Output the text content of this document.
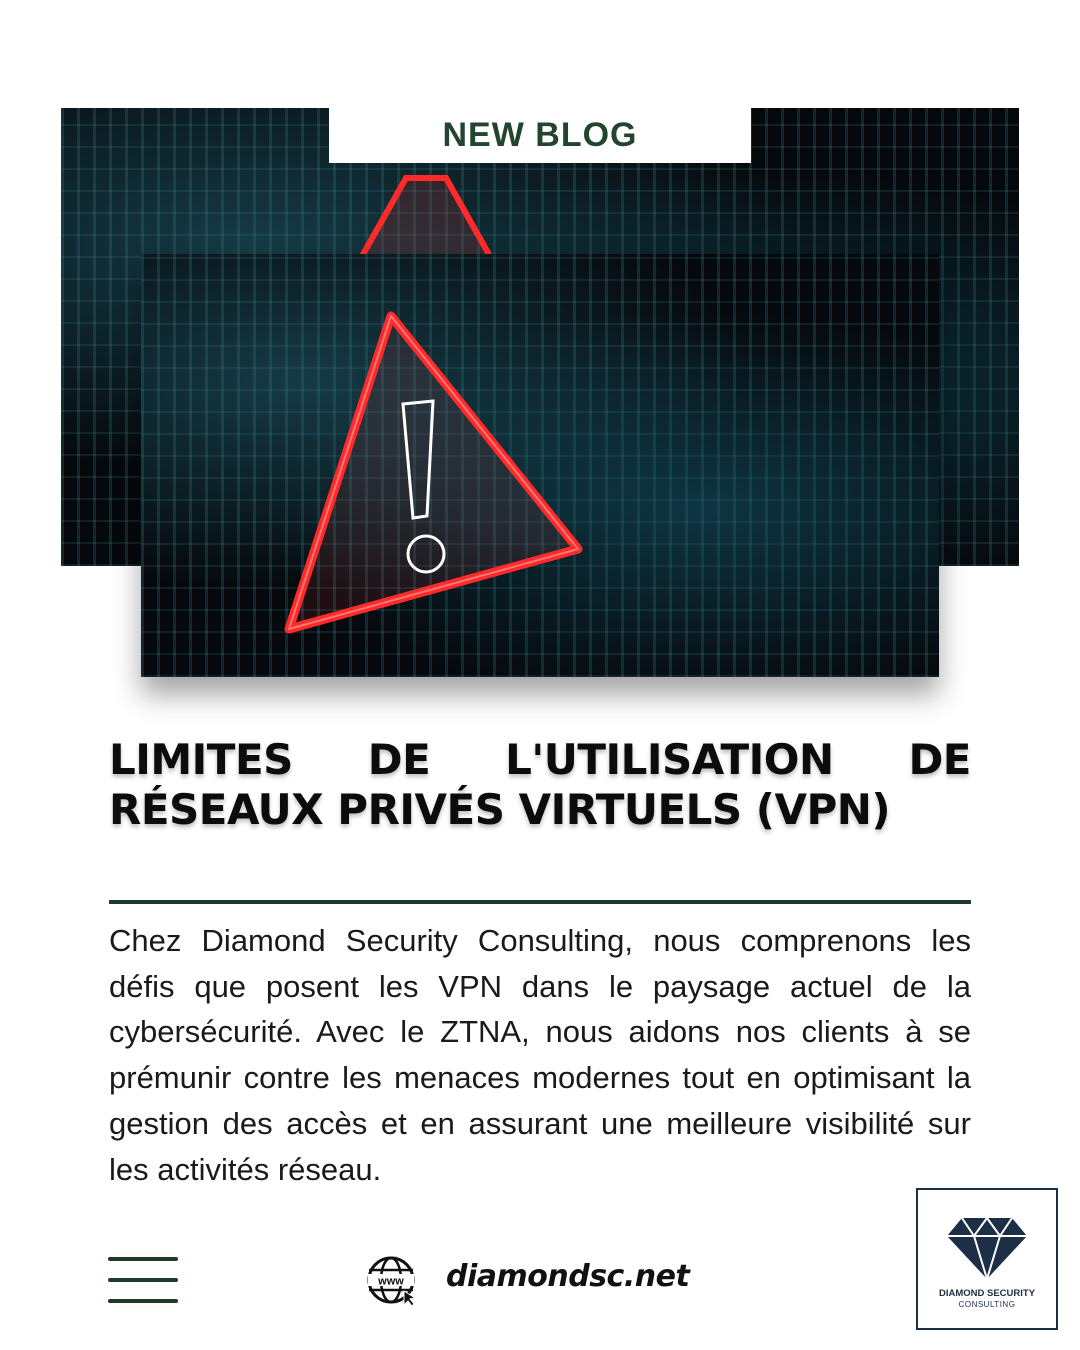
NEW BLOG
LIMITES DE L'UTILISATION DE RÉSEAUX PRIVÉS VIRTUELS (VPN)

Chez Diamond Security Consulting, nous comprenons les défis que posent les VPN dans le paysage actuel de la cybersécurité. Avec le ZTNA, nous aidons nos clients à se prémunir contre les menaces modernes tout en optimisant la gestion des accès et en assurant une meilleure visibilité sur les activités réseau.

www diamondsc.net	DIAMOND SECURITY
CONSULTING
